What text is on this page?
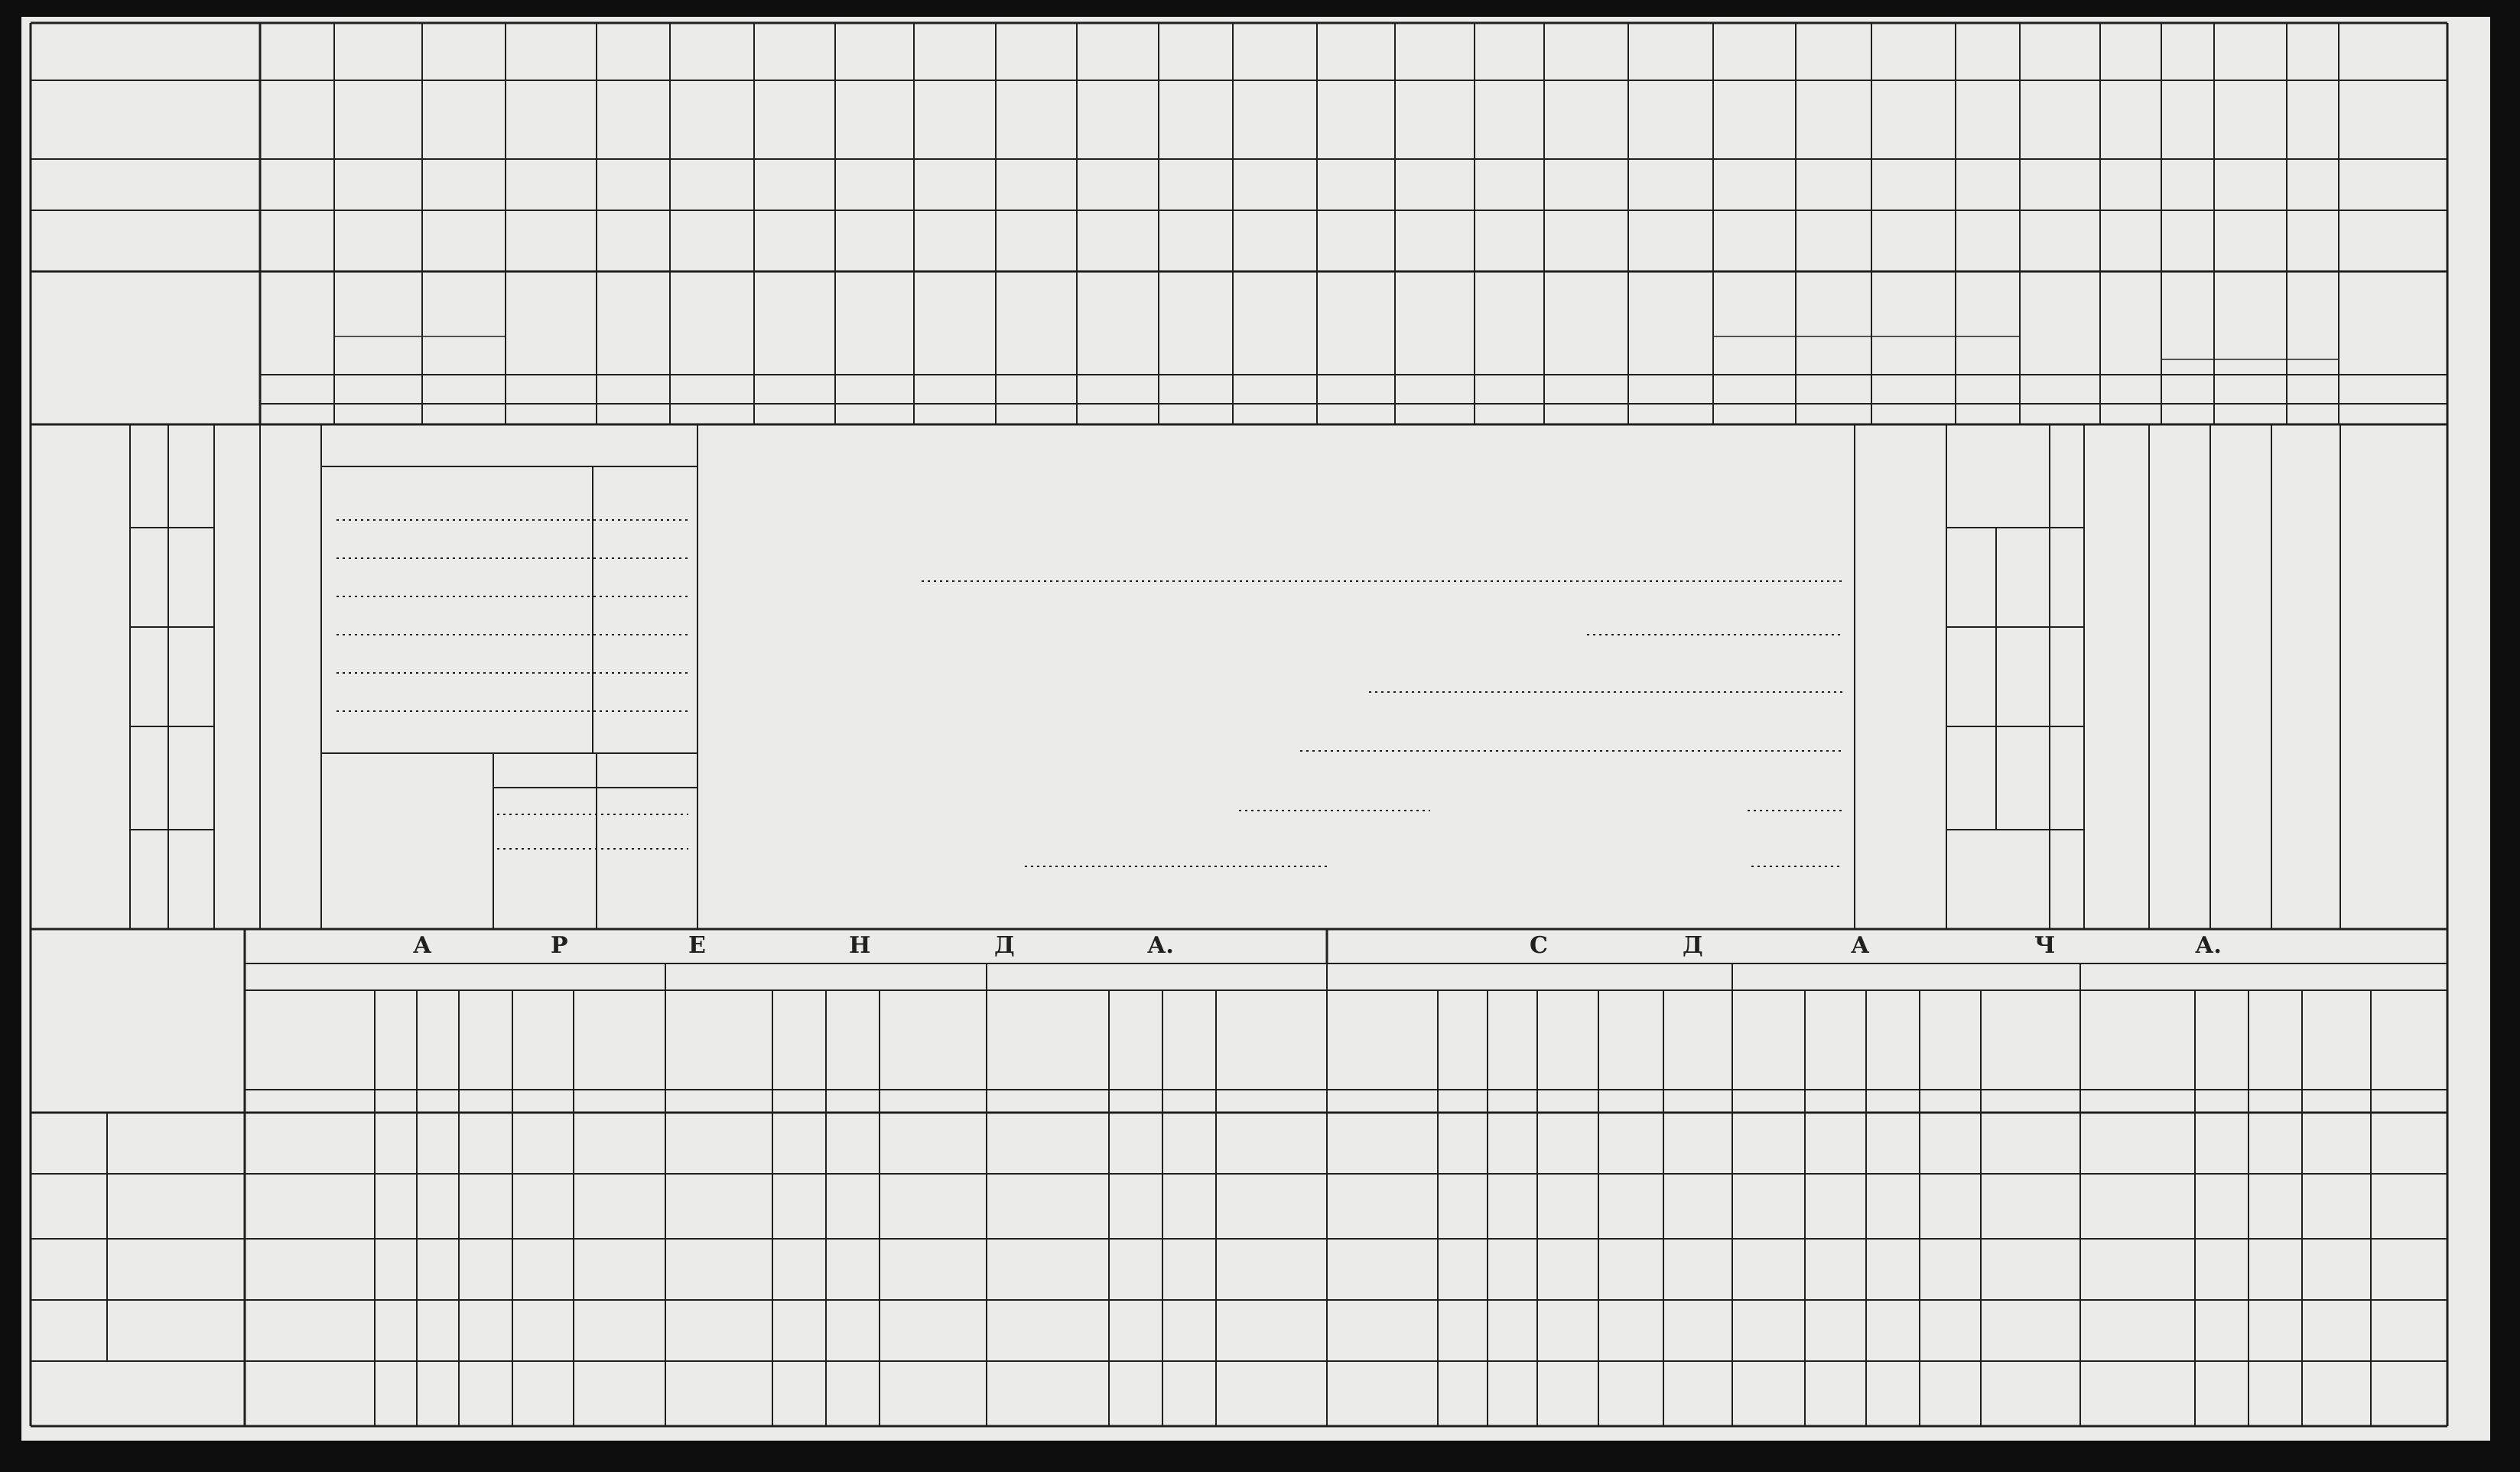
А	Р	Е	Н	Д	А.	С	Д	А	Ч	А.
